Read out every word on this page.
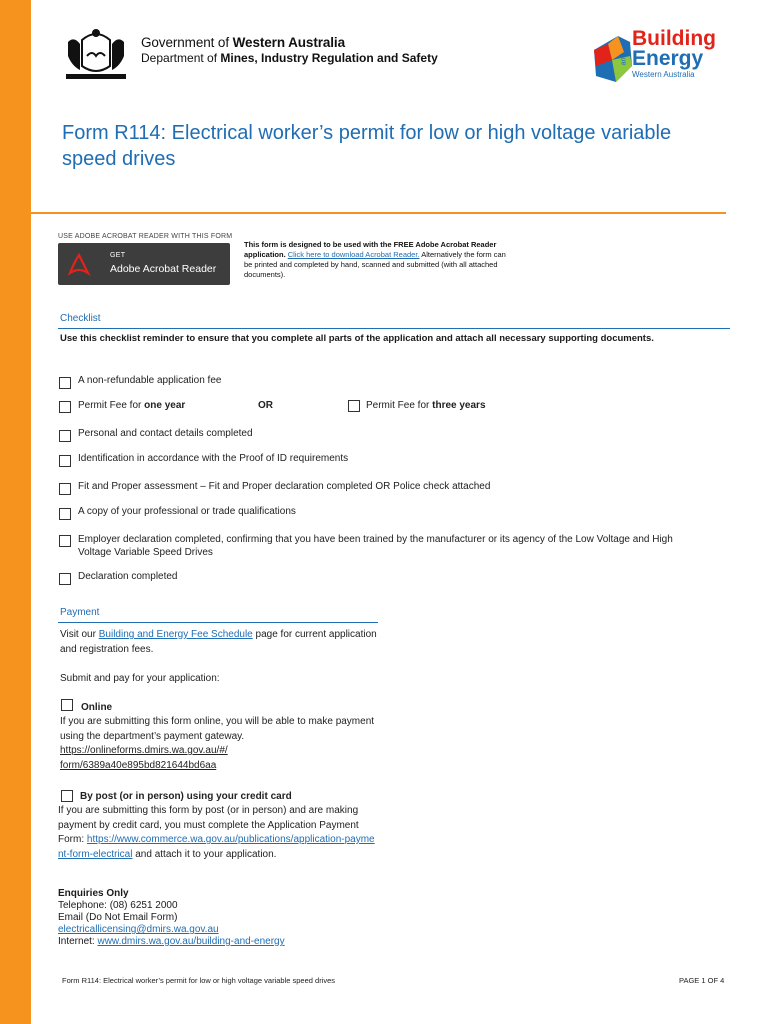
Government of Western Australia
Department of Mines, Industry Regulation and Safety
Building
and Energy
Western Australia
Form R114: Electrical worker’s permit for low or high voltage variable speed drives
USE ADOBE ACROBAT READER WITH THIS FORM
GET
Adobe Acrobat Reader
This form is designed to be used with the FREE Adobe Acrobat Reader application. Click here to download Acrobat Reader. Alternatively the form can be printed and completed by hand, scanned and submitted (with all attached documents).
Checklist
Use this checklist reminder to ensure that you complete all parts of the application and attach all necessary supporting documents.
A non-refundable application fee
Permit Fee for one year	OR	Permit Fee for three years
Personal and contact details completed
Identification in accordance with the Proof of ID requirements
Fit and Proper assessment – Fit and Proper declaration completed OR Police check attached
A copy of your professional or trade qualifications
Employer declaration completed, confirming that you have been trained by the manufacturer or its agency of the Low Voltage and High Voltage Variable Speed Drives
Declaration completed
Payment
Visit our Building and Energy Fee Schedule page for current application and registration fees.
Submit and pay for your application:
Online
If you are submitting this form online, you will be able to make payment using the department’s payment gateway.
https://onlineforms.dmirs.wa.gov.au/#/
form/6389a40e895bd821644bd6aa
By post (or in person) using your credit card
If you are submitting this form by post (or in person) and are making payment by credit card, you must complete the Application Payment Form: https://www.commerce.wa.gov.au/publications/application-payment-form-electrical and attach it to your application.
Enquiries Only
Telephone: (08) 6251 2000
Email (Do Not Email Form)
electricallicensing@dmirs.wa.gov.au
Internet: www.dmirs.wa.gov.au/building-and-energy
Form R114: Electrical worker’s permit for low or high voltage variable speed drives	PAGE 1 OF 4
